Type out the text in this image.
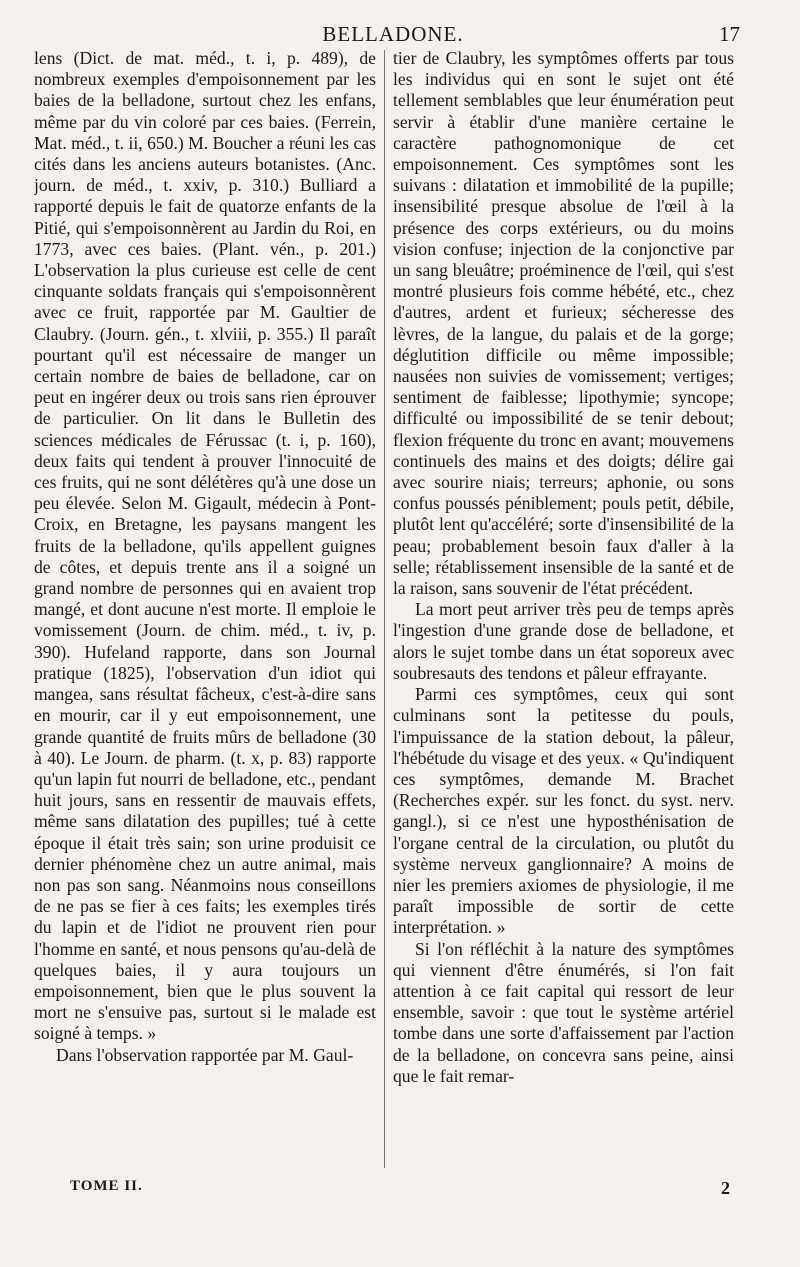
BELLADONE.	17

lens (Dict. de mat. méd., t. i, p. 489), de nombreux exemples d'empoisonnement par les baies de la belladone, surtout chez les enfans, même par du vin coloré par ces baies. (Ferrein, Mat. méd., t. ii, 650.) M. Boucher a réuni les cas cités dans les anciens auteurs botanistes. (Anc. journ. de méd., t. xxiv, p. 310.) Bulliard a rapporté depuis le fait de quatorze enfants de la Pitié, qui s'empoisonnèrent au Jardin du Roi, en 1773, avec ces baies. (Plant. vén., p. 201.) L'observation la plus curieuse est celle de cent cinquante soldats français qui s'empoisonnèrent avec ce fruit, rapportée par M. Gaultier de Claubry. (Journ. gén., t. xlviii, p. 355.) Il paraît pourtant qu'il est nécessaire de manger un certain nombre de baies de belladone, car on peut en ingérer deux ou trois sans rien éprouver de particulier. On lit dans le Bulletin des sciences médicales de Férussac (t. i, p. 160), deux faits qui tendent à prouver l'innocuité de ces fruits, qui ne sont délétères qu'à une dose un peu élevée. Selon M. Gigault, médecin à Pont-Croix, en Bretagne, les paysans mangent les fruits de la belladone, qu'ils appellent guignes de côtes, et depuis trente ans il a soigné un grand nombre de personnes qui en avaient trop mangé, et dont aucune n'est morte. Il emploie le vomissement (Journ. de chim. méd., t. iv, p. 390). Hufeland rapporte, dans son Journal pratique (1825), l'observation d'un idiot qui mangea, sans résultat fâcheux, c'est-à-dire sans en mourir, car il y eut empoisonnement, une grande quantité de fruits mûrs de belladone (30 à 40). Le Journ. de pharm. (t. x, p. 83) rapporte qu'un lapin fut nourri de belladone, etc., pendant huit jours, sans en ressentir de mauvais effets, même sans dilatation des pupilles; tué à cette époque il était très sain; son urine produisit ce dernier phénomène chez un autre animal, mais non pas son sang. Néanmoins nous conseillons de ne pas se fier à ces faits; les exemples tirés du lapin et de l'idiot ne prouvent rien pour l'homme en santé, et nous pensons qu'au-delà de quelques baies, il y aura toujours un empoisonnement, bien que le plus souvent la mort ne s'ensuive pas, surtout si le malade est soigné à temps. »

Dans l'observation rapportée par M. Gaul-

tier de Claubry, les symptômes offerts par tous les individus qui en sont le sujet ont été tellement semblables que leur énumération peut servir à établir d'une manière certaine le caractère pathognomonique de cet empoisonnement. Ces symptômes sont les suivans : dilatation et immobilité de la pupille; insensibilité presque absolue de l'œil à la présence des corps extérieurs, ou du moins vision confuse; injection de la conjonctive par un sang bleuâtre; proéminence de l'œil, qui s'est montré plusieurs fois comme hébété, etc., chez d'autres, ardent et furieux; sécheresse des lèvres, de la langue, du palais et de la gorge; déglutition difficile ou même impossible; nausées non suivies de vomissement; vertiges; sentiment de faiblesse; lipothymie; syncope; difficulté ou impossibilité de se tenir debout; flexion fréquente du tronc en avant; mouvemens continuels des mains et des doigts; délire gai avec sourire niais; terreurs; aphonie, ou sons confus poussés péniblement; pouls petit, débile, plutôt lent qu'accéléré; sorte d'insensibilité de la peau; probablement besoin faux d'aller à la selle; rétablissement insensible de la santé et de la raison, sans souvenir de l'état précédent.

La mort peut arriver très peu de temps après l'ingestion d'une grande dose de belladone, et alors le sujet tombe dans un état soporeux avec soubresauts des tendons et pâleur effrayante.

Parmi ces symptômes, ceux qui sont culminans sont la petitesse du pouls, l'impuissance de la station debout, la pâleur, l'hébétude du visage et des yeux. « Qu'indiquent ces symptômes, demande M. Brachet (Recherches expér. sur les fonct. du syst. nerv. gangl.), si ce n'est une hyposthénisation de l'organe central de la circulation, ou plutôt du système nerveux ganglionnaire? A moins de nier les premiers axiomes de physiologie, il me paraît impossible de sortir de cette interprétation. »

Si l'on réfléchit à la nature des symptômes qui viennent d'être énumérés, si l'on fait attention à ce fait capital qui ressort de leur ensemble, savoir : que tout le système artériel tombe dans une sorte d'affaissement par l'action de la belladone, on concevra sans peine, ainsi que le fait remar-

TOME II.	2
